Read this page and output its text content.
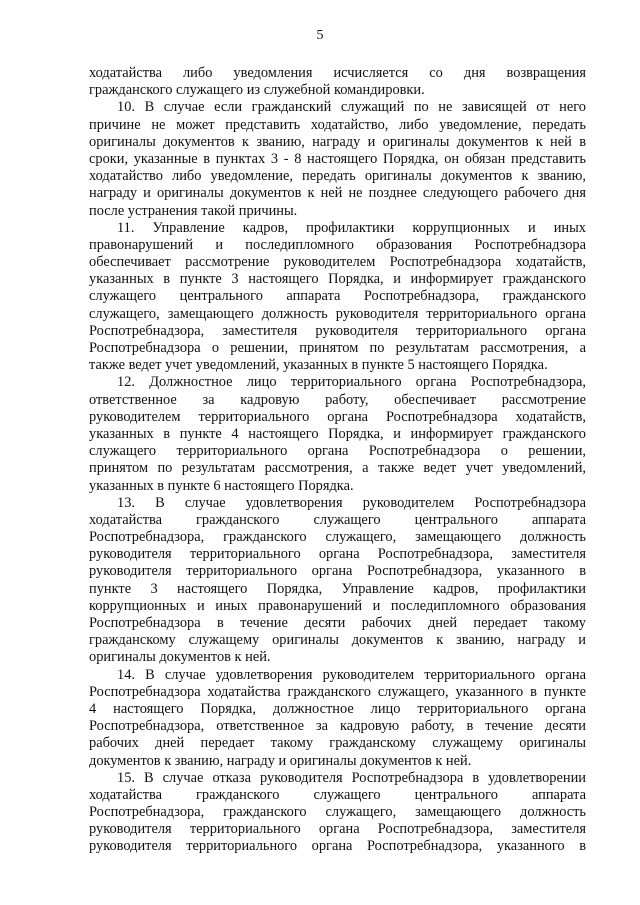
5
ходатайства либо уведомления исчисляется со дня возвращения
гражданского служащего из служебной командировки.
10. В случае если гражданский служащий по не зависящей от него
причине не может представить ходатайство, либо уведомление, передать
оригиналы документов к званию, награду и оригиналы документов к ней в
сроки, указанные в пунктах 3 - 8 настоящего Порядка, он обязан представить
ходатайство либо уведомление, передать оригиналы документов к званию,
награду и оригиналы документов к ней не позднее следующего рабочего дня
после устранения такой причины.
11. Управление кадров, профилактики коррупционных и иных
правонарушений и последипломного образования Роспотребнадзора
обеспечивает рассмотрение руководителем Роспотребнадзора ходатайств,
указанных в пункте 3 настоящего Порядка, и информирует гражданского
служащего центрального аппарата Роспотребнадзора, гражданского
служащего, замещающего должность руководителя территориального органа
Роспотребнадзора, заместителя руководителя территориального органа
Роспотребнадзора о решении, принятом по результатам рассмотрения, а
также ведет учет уведомлений, указанных в пункте 5 настоящего Порядка.
12. Должностное лицо территориального органа Роспотребнадзора,
ответственное за кадровую работу, обеспечивает рассмотрение
руководителем территориального органа Роспотребнадзора ходатайств,
указанных в пункте 4 настоящего Порядка, и информирует гражданского
служащего территориального органа Роспотребнадзора о решении,
принятом по результатам рассмотрения, а также ведет учет уведомлений,
указанных в пункте 6 настоящего Порядка.
13. В случае удовлетворения руководителем Роспотребнадзора
ходатайства гражданского служащего центрального аппарата
Роспотребнадзора, гражданского служащего, замещающего должность
руководителя территориального органа Роспотребнадзора, заместителя
руководителя территориального органа Роспотребнадзора, указанного в
пункте 3 настоящего Порядка, Управление кадров, профилактики
коррупционных и иных правонарушений и последипломного образования
Роспотребнадзора в течение десяти рабочих дней передает такому
гражданскому служащему оригиналы документов к званию, награду и
оригиналы документов к ней.
14. В случае удовлетворения руководителем территориального органа
Роспотребнадзора ходатайства гражданского служащего, указанного в пункте
4 настоящего Порядка, должностное лицо территориального органа
Роспотребнадзора, ответственное за кадровую работу, в течение десяти
рабочих дней передает такому гражданскому служащему оригиналы
документов к званию, награду и оригиналы документов к ней.
15. В случае отказа руководителя Роспотребнадзора в удовлетворении
ходатайства гражданского служащего центрального аппарата
Роспотребнадзора, гражданского служащего, замещающего должность
руководителя территориального органа Роспотребнадзора, заместителя
руководителя территориального органа Роспотребнадзора, указанного в
